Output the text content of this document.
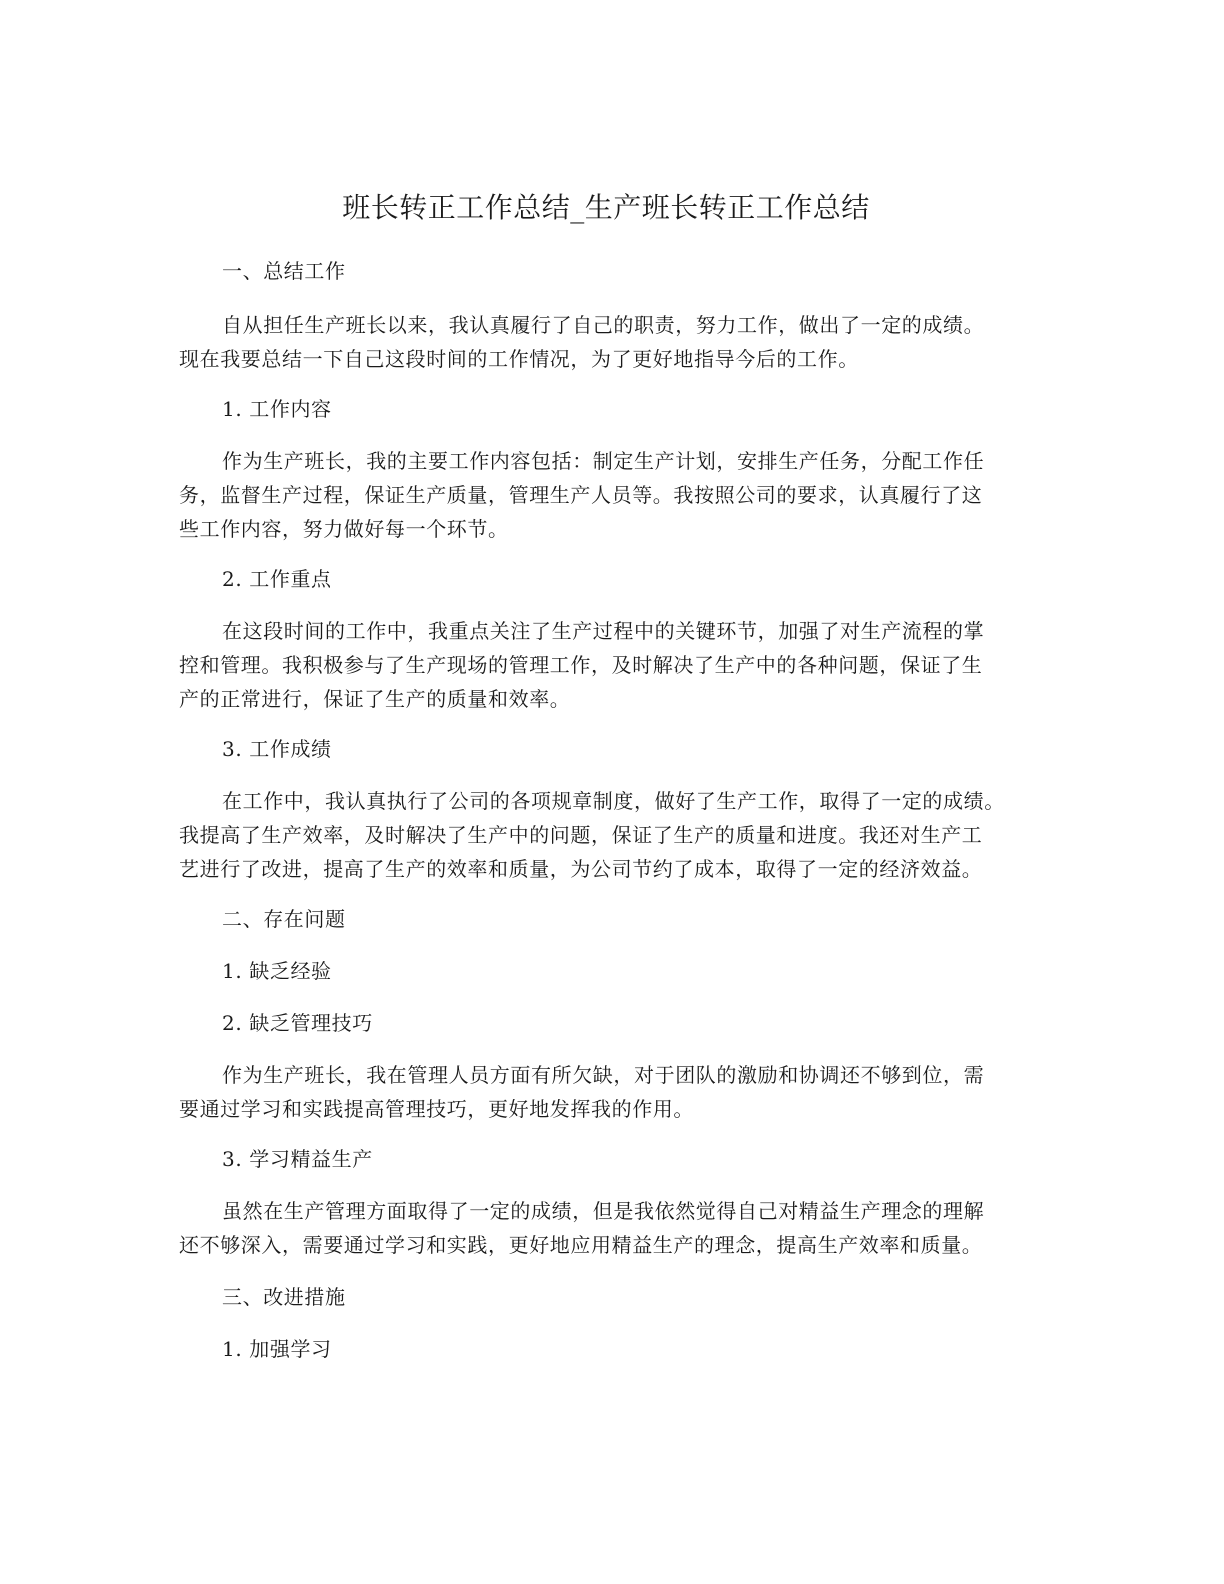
班长转正工作总结_生产班长转正工作总结
一、总结工作
自从担任生产班长以来，我认真履行了自己的职责，努力工作，做出了一定的成绩。
现在我要总结一下自己这段时间的工作情况，为了更好地指导今后的工作。
1. 工作内容
作为生产班长，我的主要工作内容包括：制定生产计划，安排生产任务，分配工作任
务，监督生产过程，保证生产质量，管理生产人员等。我按照公司的要求，认真履行了这
些工作内容，努力做好每一个环节。
2. 工作重点
在这段时间的工作中，我重点关注了生产过程中的关键环节，加强了对生产流程的掌
控和管理。我积极参与了生产现场的管理工作，及时解决了生产中的各种问题，保证了生
产的正常进行，保证了生产的质量和效率。
3. 工作成绩
在工作中，我认真执行了公司的各项规章制度，做好了生产工作，取得了一定的成绩。
我提高了生产效率，及时解决了生产中的问题，保证了生产的质量和进度。我还对生产工
艺进行了改进，提高了生产的效率和质量，为公司节约了成本，取得了一定的经济效益。
二、存在问题
1. 缺乏经验
2. 缺乏管理技巧
作为生产班长，我在管理人员方面有所欠缺，对于团队的激励和协调还不够到位，需
要通过学习和实践提高管理技巧，更好地发挥我的作用。
3. 学习精益生产
虽然在生产管理方面取得了一定的成绩，但是我依然觉得自己对精益生产理念的理解
还不够深入，需要通过学习和实践，更好地应用精益生产的理念，提高生产效率和质量。
三、改进措施
1. 加强学习
